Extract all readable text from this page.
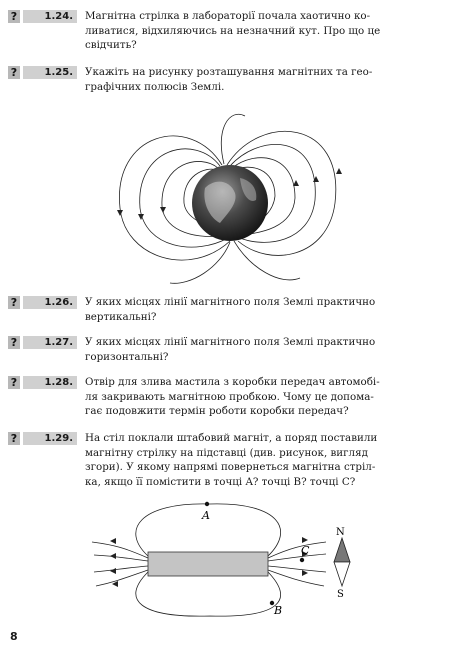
?	1.24.	Магнітна стрілка в лабораторії почала хаотично ко-
ливатися, відхиляючись на незначний кут. Про що це
свідчить?
?	1.25.	Укажіть на рисунку розташування магнітних та гео-
графічних полюсів Землі.
?	1.26.	У яких місцях лінії магнітного поля Землі практично
вертикальні?
?	1.27.	У яких місцях лінії магнітного поля Землі практично
горизонтальні?
?	1.28.	Отвір для злива мастила з коробки передач автомобі-
ля закривають магнітною пробкою. Чому це допома-
гає подовжити термін роботи коробки передач?
?	1.29.	На стіл поклали штабовий магніт, а поряд поставили
магнітну стрілку на підставці (див. рисунок, вигляд
згори). У якому напрямі повернеться магнітна стріл-
ка, якщо її помістити в точці A? точці B? точці C?
A
B
C
N
S
8
